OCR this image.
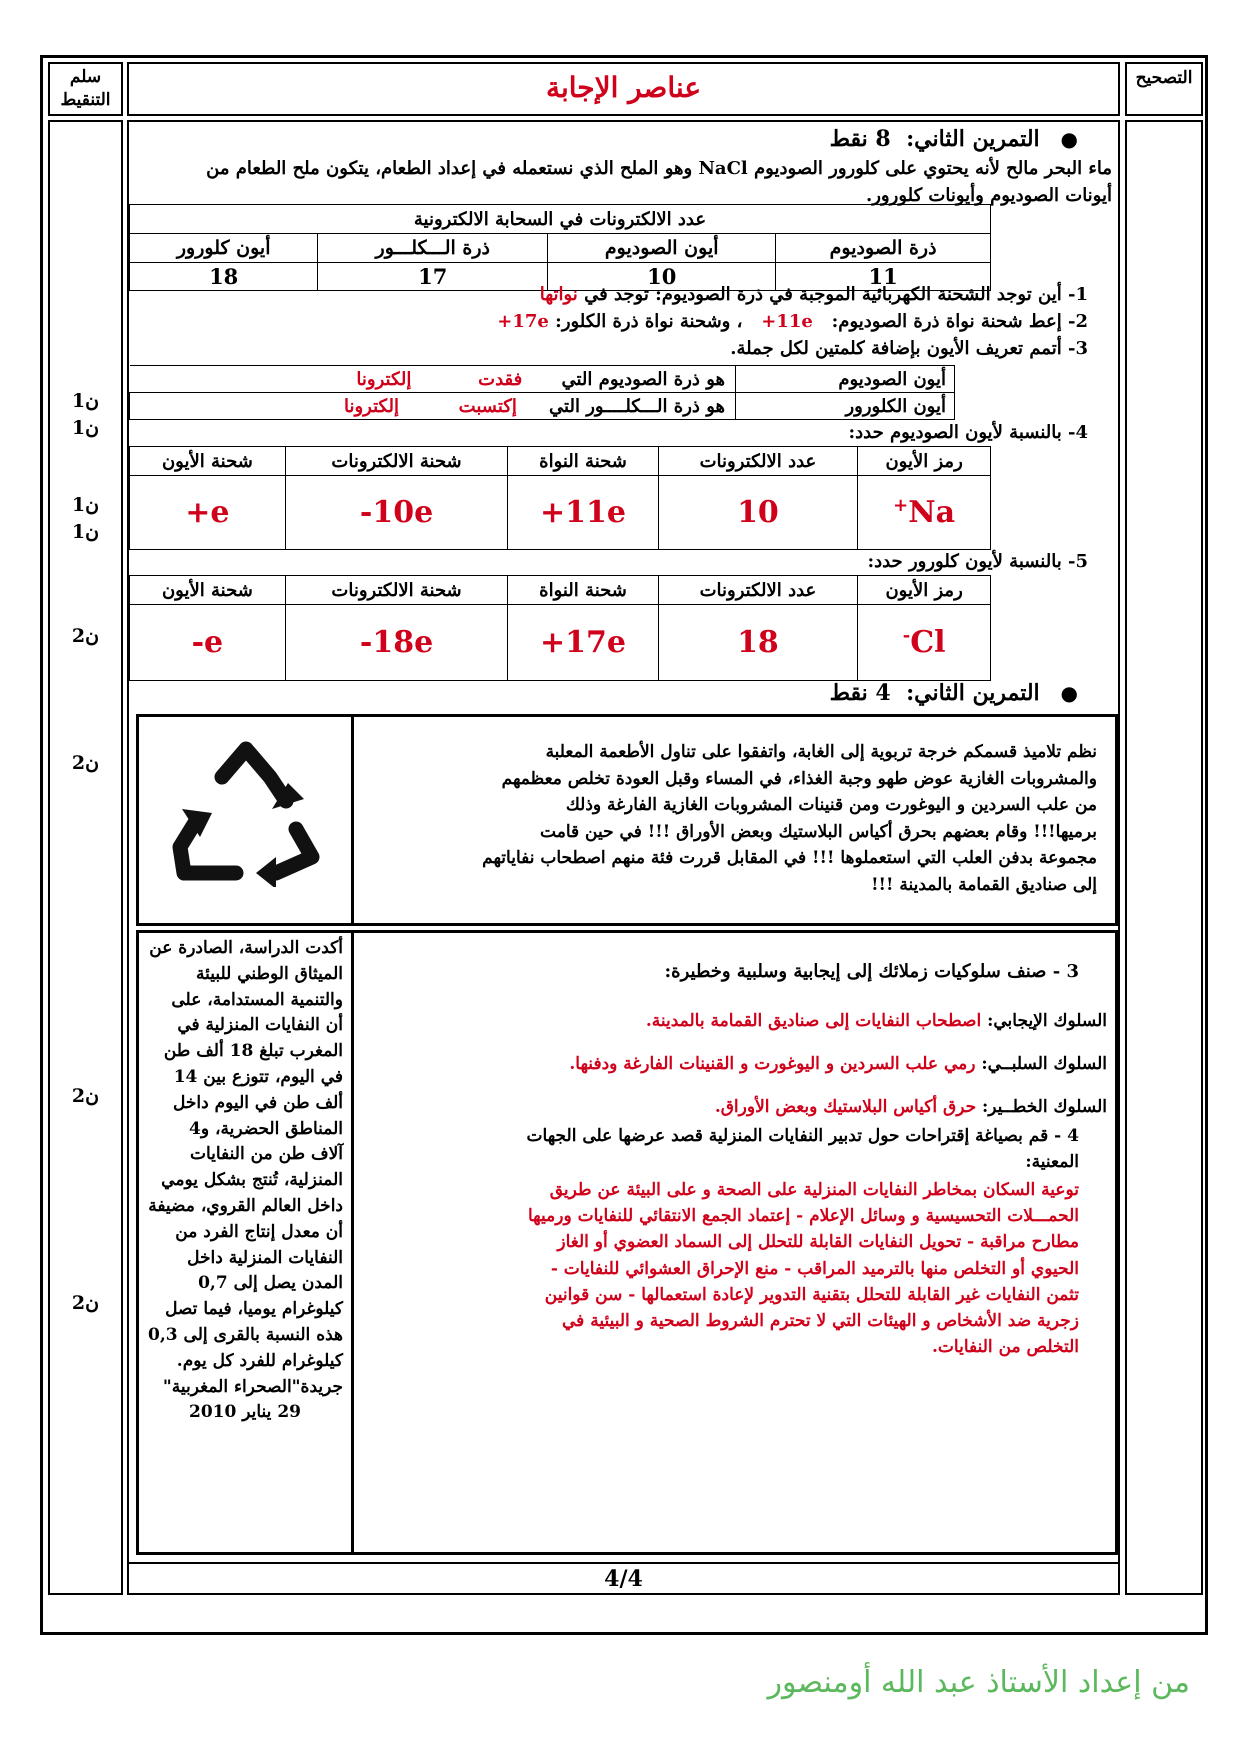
سلم التنقيط	عناصر الإجابة	التصحيح
1ن
1ن
1ن
1ن
2ن
2ن
2ن
2ن
●   التمرين الثاني:  8 نقط
ماء البحر مالح لأنه يحتوي على كلورور الصوديوم NaCl وهو الملح الذي نستعمله في إعداد الطعام، يتكون ملح الطعام من أيونات الصوديوم وأيونات كلورور.
عدد الالكترونات في السحابة الالكترونية			
ذرة الصوديوم	أيون الصوديوم	ذرة الـــكلـــور	أيون كلورور
11	10	17	18
1- أين توجد الشحنة الكهربائية الموجبة في ذرة الصوديوم: توجد في نواتها
2- إعط شحنة نواة ذرة الصوديوم:   +11e   ، وشحنة نواة ذرة الكلور: +17e
3- أتمم تعريف الأيون بإضافة كلمتين لكل جملة.
أيون الصوديوم	هو ذرة الصوديوم التي فقدت إلكترونا
أيون الكلورور	هو ذرة الـــكلــــور التي إكتسبت إلكترونا
4- بالنسبة لأيون الصوديوم حدد:
رمز الأيون	عدد الالكترونات	شحنة النواة	شحنة الالكترونات	شحنة الأيون
Na+	10	+11e	-10e	+e
5- بالنسبة لأيون كلورور حدد:
رمز الأيون	عدد الالكترونات	شحنة النواة	شحنة الالكترونات	شحنة الأيون
Cl-	18	+17e	-18e	-e
●   التمرين الثاني:  4 نقط

نظم تلاميذ قسمكم خرجة تربوية إلى الغابة، واتفقوا على تناول الأطعمة المعلبة

والمشروبات الغازية عوض طهو وجبة الغذاء، في المساء وقبل العودة تخلص معظمهم

من علب السردين و اليوغورت ومن قنينات المشروبات الغازية الفارغة وذلك

برميها!!! وقام بعضهم بحرق أكياس البلاستيك وبعض الأوراق !!! في حين قامت

مجموعة بدفن العلب التي استعملوها !!! في المقابل قررت فئة منهم اصطحاب نفاياتهم

إلى صناديق القمامة بالمدينة !!!

أكدت الدراسة، الصادرة عن

الميثاق الوطني للبيئة

والتنمية المستدامة، على

أن النفايات المنزلية في

المغرب تبلغ 18 ألف طن

في اليوم، تتوزع بين 14

ألف طن في اليوم داخل

المناطق الحضرية، و4

آلاف طن من النفايات

المنزلية، تُنتج بشكل يومي

داخل العالم القروي، مضيفة

أن معدل إنتاج الفرد من

النفايات المنزلية داخل

المدن يصل إلى 0,7

كيلوغرام يوميا، فيما تصل

هذه النسبة بالقرى إلى 0,3

كيلوغرام للفرد كل يوم.

جريدة"الصحراء المغربية"

29 يناير 2010

3 - صنف سلوكيات زملائك إلى إيجابية وسلبية وخطيرة:
السلوك الإيجابي: اصطحاب النفايات إلى صناديق القمامة بالمدينة.
السلوك السلبــي: رمي علب السردين و اليوغورت و القنينات الفارغة ودفنها.
السلوك الخطــير: حرق أكياس البلاستيك وبعض الأوراق.
4 - قم بصياغة إقتراحات حول تدبير النفايات المنزلية قصد عرضها على الجهات المعنية:

توعية السكان بمخاطر النفايات المنزلية على الصحة و على البيئة عن طريق

الحمـــلات التحسيسية و وسائل الإعلام - إعتماد الجمع الانتقائي للنفايات ورميها

مطارح مراقبة - تحويل النفايات القابلة للتحلل إلى السماد العضوي أو الغاز

الحيوي أو التخلص منها بالترميد المراقب - منع الإحراق العشوائي للنفايات -

تثمن النفايات غير القابلة للتحلل بتقنية التدوير لإعادة استعمالها - سن قوانين

زجرية ضد الأشخاص و الهيئات التي لا تحترم الشروط الصحية و البيئية في

التخلص من النفايات.

4/4
من إعداد الأستاذ عبد الله أومنصور
